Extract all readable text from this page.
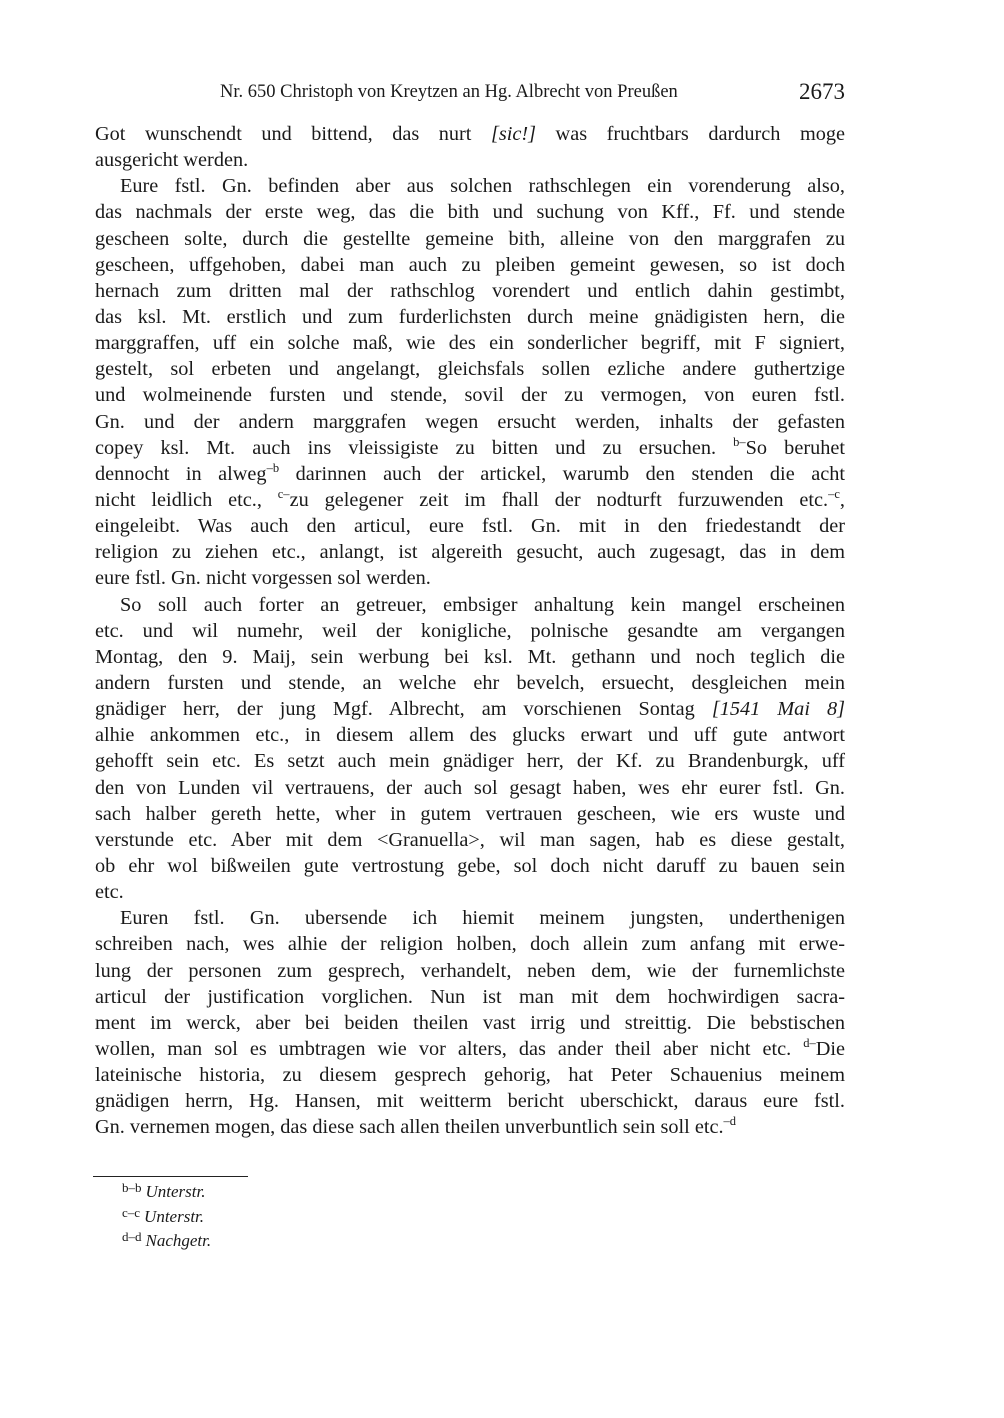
Nr. 650 Christoph von Kreytzen an Hg. Albrecht von Preußen	2673
Got wunschendt und bittend, das nurt [sic!] was fruchtbars dardurch moge
ausgericht werden.
Eure fstl. Gn. befinden aber aus solchen rathschlegen ein vorenderung also,
das nachmals der erste weg, das die bith und suchung von Kff., Ff. und stende
gescheen solte, durch die gestellte gemeine bith, alleine von den marggrafen zu
gescheen, uffgehoben, dabei man auch zu pleiben gemeint gewesen, so ist doch
hernach zum dritten mal der rathschlog vorendert und entlich dahin gestimbt,
das ksl. Mt. erstlich und zum furderlichsten durch meine gnädigisten hern, die
marggraffen, uff ein solche maß, wie des ein sonderlicher begriff, mit F signiert,
gestelt, sol erbeten und angelangt, gleichsfals sollen ezliche andere guthertzige
und wolmeinende fursten und stende, sovil der zu vermogen, von euren fstl.
Gn. und der andern marggrafen wegen ersucht werden, inhalts der gefasten
copey ksl. Mt. auch ins vleissigiste zu bitten und zu ersuchen. $^{b-}$So beruhet
dennocht in alweg$^{-b}$ darinnen auch der artickel, warumb den stenden die acht
nicht leidlich etc., $^{c-}$zu gelegener zeit im fhall der nodturft furzuwenden etc.$^{-c}$,
eingeleibt. Was auch den articul, eure fstl. Gn. mit in den friedestandt der
religion zu ziehen etc., anlangt, ist algereith gesucht, auch zugesagt, das in dem
eure fstl. Gn. nicht vorgessen sol werden.
So soll auch forter an getreuer, embsiger anhaltung kein mangel erscheinen
etc. und wil numehr, weil der konigliche, polnische gesandte am vergangen
Montag, den 9. Maij, sein werbung bei ksl. Mt. gethann und noch teglich die
andern fursten und stende, an welche ehr bevelch, ersuecht, desgleichen mein
gnädiger herr, der jung Mgf. Albrecht, am vorschienen Sontag [1541 Mai 8]
alhie ankommen etc., in diesem allem des glucks erwart und uff gute antwort
gehofft sein etc. Es setzt auch mein gnädiger herr, der Kf. zu Brandenburgk, uff
den von Lunden vil vertrauens, der auch sol gesagt haben, wes ehr eurer fstl. Gn.
sach halber gereth hette, wher in gutem vertrauen gescheen, wie ers wuste und
verstunde etc. Aber mit dem <Granuella>, wil man sagen, hab es diese gestalt,
ob ehr wol bißweilen gute vertrostung gebe, sol doch nicht daruff zu bauen sein
etc.
Euren fstl. Gn. ubersende ich hiemit meinem jungsten, underthenigen
schreiben nach, wes alhie der religion holben, doch allein zum anfang mit erwe-
lung der personen zum gesprech, verhandelt, neben dem, wie der furnemlichste
articul der justification vorglichen. Nun ist man mit dem hochwirdigen sacra-
ment im werck, aber bei beiden theilen vast irrig und streittig. Die bebstischen
wollen, man sol es umbtragen wie vor alters, das ander theil aber nicht etc. $^{d-}$Die
lateinische historia, zu diesem gesprech gehorig, hat Peter Schauenius meinem
gnädigen herrn, Hg. Hansen, mit weitterm bericht uberschickt, daraus eure fstl.
Gn. vernemen mogen, das diese sach allen theilen unverbuntlich sein soll etc.$^{-d}$
$^{b-b}$ Unterstr.
$^{c-c}$ Unterstr.
$^{d-d}$ Nachgetr.
